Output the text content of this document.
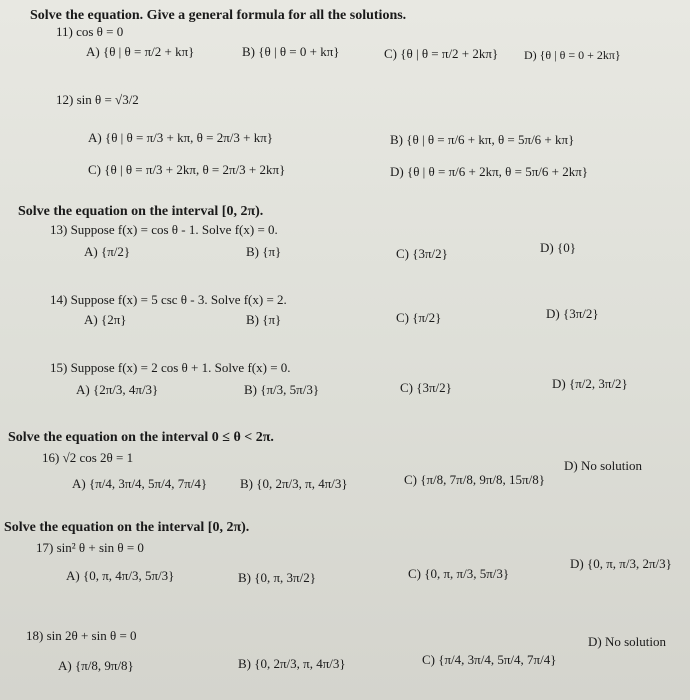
Solve the equation. Give a general formula for all the solutions.
11) cos θ = 0
A) {θ | θ = π/2 + kπ}	B) {θ | θ = 0 + kπ}	C) {θ | θ = π/2 + 2kπ} D) {θ | θ = 0 + 2kπ}
12) sin θ = √3/2
A) {θ | θ = π/3 + kπ, θ = 2π/3 + kπ}	B) {θ | θ = π/6 + kπ, θ = 5π/6 + kπ}
C) {θ | θ = π/3 + 2kπ, θ = 2π/3 + 2kπ}	D) {θ | θ = π/6 + 2kπ, θ = 5π/6 + 2kπ}
Solve the equation on the interval [0, 2π).
13) Suppose f(x) = cos θ - 1. Solve f(x) = 0.
A) {π/2}	B) {π}	C) {3π/2}	D) {0}
14) Suppose f(x) = 5 csc θ - 3. Solve f(x) = 2.
A) {2π}	B) {π}	C) {π/2}	D) {3π/2}
15) Suppose f(x) = 2 cos θ + 1. Solve f(x) = 0.
A) {2π/3, 4π/3}	B) {π/3, 5π/3}	C) {3π/2}	D) {π/2, 3π/2}
Solve the equation on the interval 0 ≤ θ < 2π.
16) √2 cos 2θ = 1
A) {π/4, 3π/4, 5π/4, 7π/4}	B) {0, 2π/3, π, 4π/3}	C) {π/8, 7π/8, 9π/8, 15π/8}
D) No solution
Solve the equation on the interval [0, 2π).
17) sin² θ + sin θ = 0
A) {0, π, 4π/3, 5π/3}	B) {0, π, 3π/2}	C) {0, π, π/3, 5π/3}
D) {0, π, π/3, 2π/3}
18) sin 2θ + sin θ = 0
A) {π/8, 9π/8}	B) {0, 2π/3, π, 4π/3}	C) {π/4, 3π/4, 5π/4, 7π/4}
D) No solution
